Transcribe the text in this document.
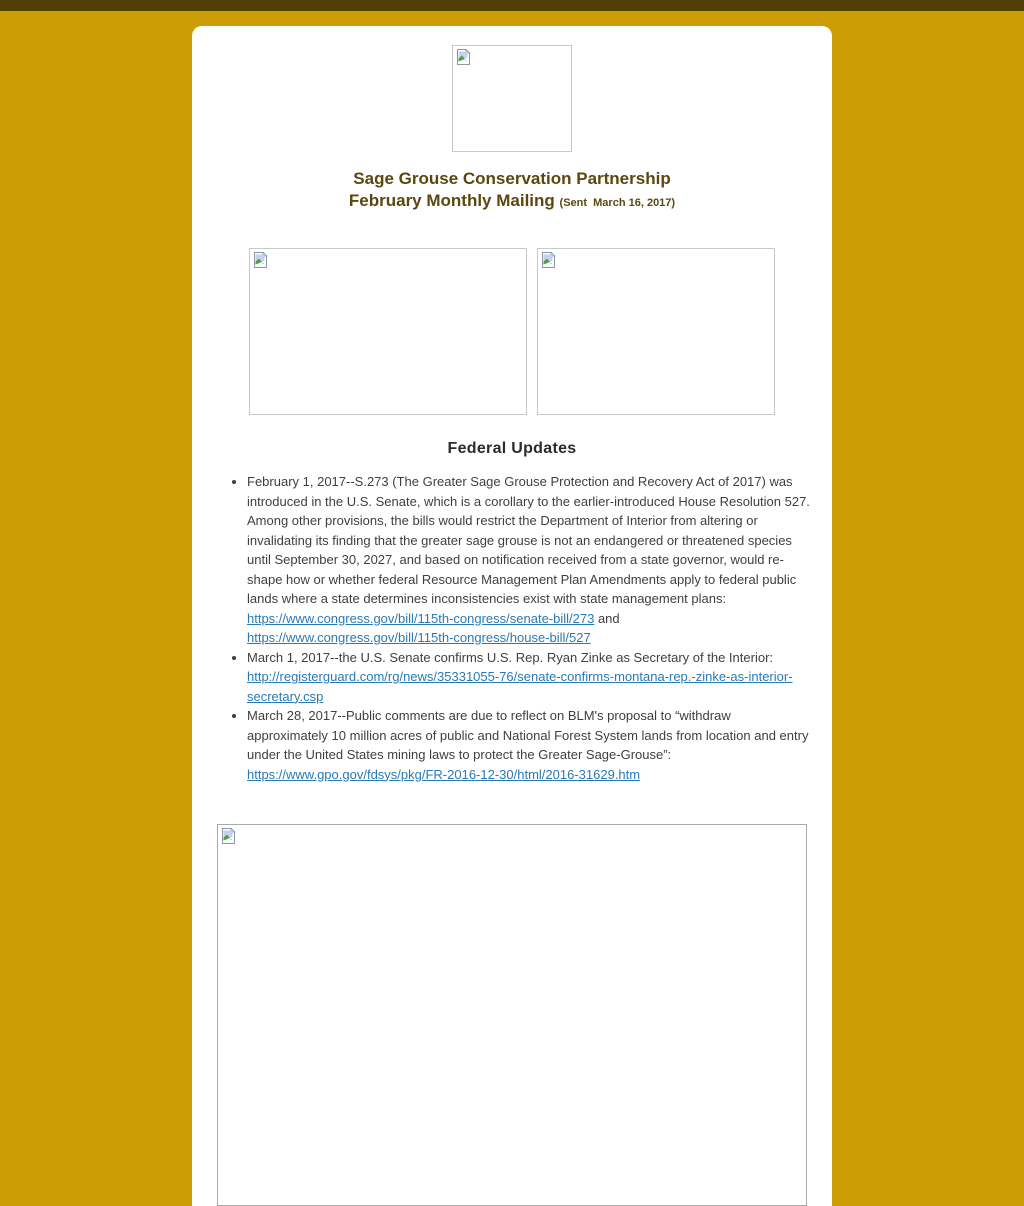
Sage Grouse Conservation Partnership
February Monthly Mailing (Sent  March 16, 2017)
Federal Updates
• February 1, 2017--S.273 (The Greater Sage Grouse Protection and Recovery Act of 2017) was introduced in the U.S. Senate, which is a corollary to the earlier-introduced House Resolution 527. Among other provisions, the bills would restrict the Department of Interior from altering or invalidating its finding that the greater sage grouse is not an endangered or threatened species until September 30, 2027, and based on notification received from a state governor, would re-shape how or whether federal Resource Management Plan Amendments apply to federal public lands where a state determines inconsistencies exist with state management plans: https://www.congress.gov/bill/115th-congress/senate-bill/273 and https://www.congress.gov/bill/115th-congress/house-bill/527
• March 1, 2017--the U.S. Senate confirms U.S. Rep. Ryan Zinke as Secretary of the Interior: http://registerguard.com/rg/news/35331055-76/senate-confirms-montana-rep.-zinke-as-interior-secretary.csp
• March 28, 2017--Public comments are due to reflect on BLM's proposal to “withdraw approximately 10 million acres of public and National Forest System lands from location and entry under the United States mining laws to protect the Greater Sage-Grouse”: https://www.gpo.gov/fdsys/pkg/FR-2016-12-30/html/2016-31629.htm
